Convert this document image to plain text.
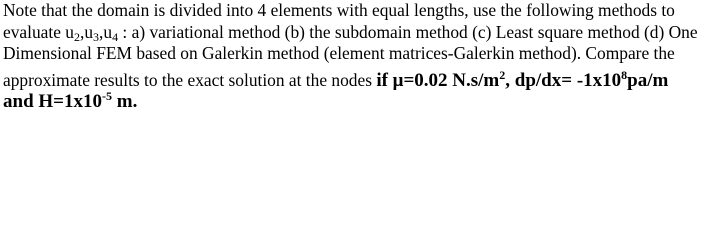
Note that the domain is divided into 4 elements with equal lengths, use the following methods to
evaluate $u_2,u_3,u_4$ : a) variational method (b) the subdomain method (c) Least square method (d) One
Dimensional FEM based on Galerkin method (element matrices-Galerkin method). Compare the
approximate results to the exact solution at the nodes if μ=0.02 $N.s/m^2$, $dp/dx= -1x10^8pa/m$
and $H=1x10^{-5}$ m.
